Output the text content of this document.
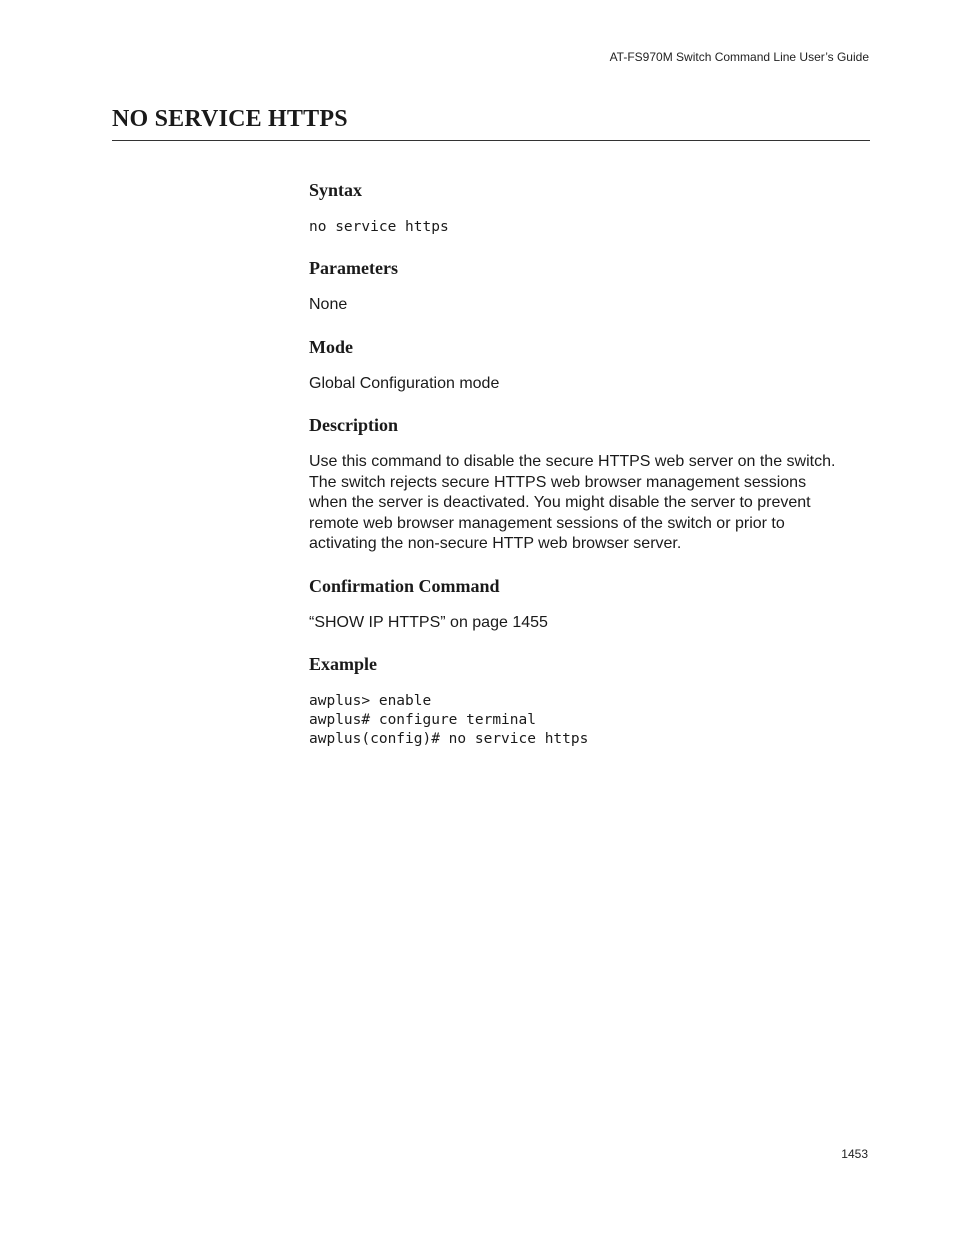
AT-FS970M Switch Command Line User’s Guide
NO SERVICE HTTPS
Syntax

no service https

Parameters

None

Mode

Global Configuration mode

Description
Use this command to disable the secure HTTPS web server on the switch.
The switch rejects secure HTTPS web browser management sessions
when the server is deactivated. You might disable the server to prevent
remote web browser management sessions of the switch or prior to
activating the non-secure HTTP web browser server.
Confirmation Command

“SHOW IP HTTPS” on page 1455

Example
awplus> enable
awplus# configure terminal
awplus(config)# no service https
1453
